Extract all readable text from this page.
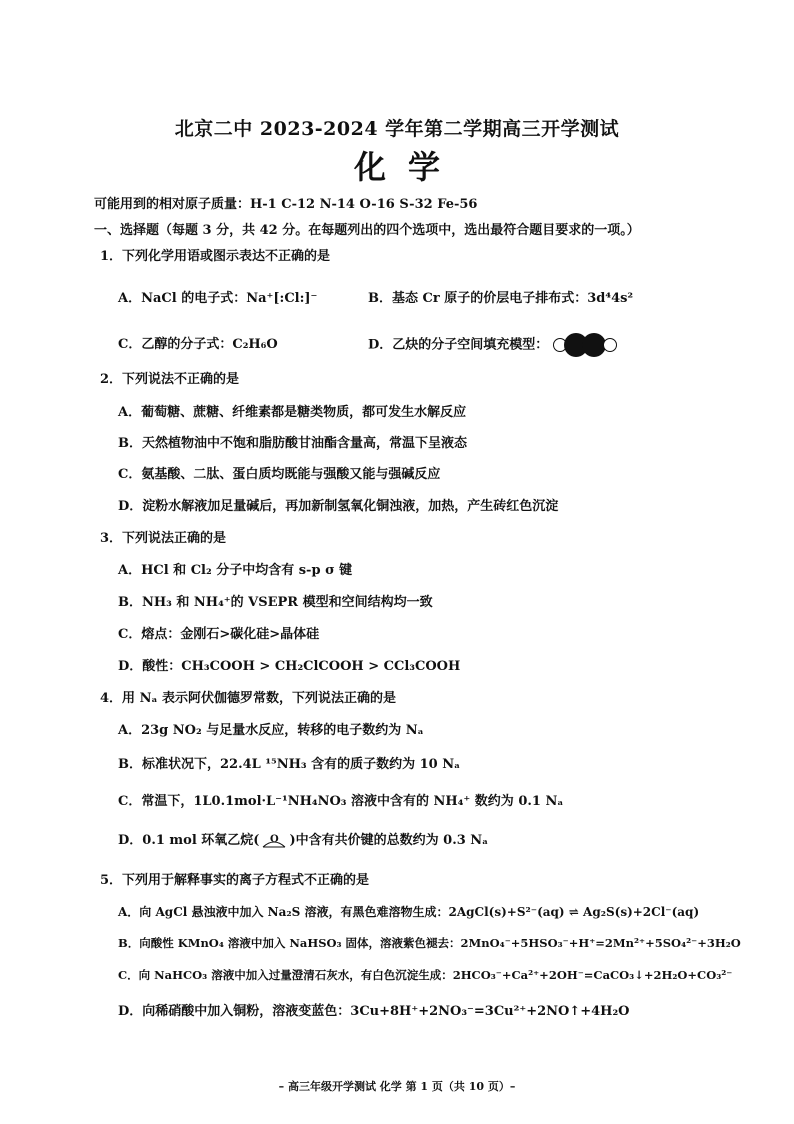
北京二中 2023-2024 学年第二学期高三开学测试
化学
可能用到的相对原子质量：H-1 C-12 N-14 O-16 S-32 Fe-56
一、选择题（每题 3 分，共 42 分。在每题列出的四个选项中，选出最符合题目要求的一项。）
1．下列化学用语或图示表达不正确的是
A．NaCl 的电子式：Na⁺[:Cl:]⁻	B．基态 Cr 原子的价层电子排布式：3d⁴4s²
C．乙醇的分子式：C₂H₆O	D．乙炔的分子空间填充模型：
2．下列说法不正确的是
A．葡萄糖、蔗糖、纤维素都是糖类物质，都可发生水解反应
B．天然植物油中不饱和脂肪酸甘油酯含量高，常温下呈液态
C．氨基酸、二肽、蛋白质均既能与强酸又能与强碱反应
D．淀粉水解液加足量碱后，再加新制氢氧化铜浊液，加热，产生砖红色沉淀
3．下列说法正确的是
A．HCl 和 Cl₂ 分子中均含有 s-p σ 键
B．NH₃ 和 NH₄⁺的 VSEPR 模型和空间结构均一致
C．熔点：金刚石>碳化硅>晶体硅
D．酸性：CH₃COOH > CH₂ClCOOH > CCl₃COOH
4．用 Nₐ 表示阿伏伽德罗常数，下列说法正确的是
A．23g NO₂ 与足量水反应，转移的电子数约为 Nₐ
B．标准状况下，22.4L ¹⁵NH₃ 含有的质子数约为 10 Nₐ
C．常温下，1L0.1mol·L⁻¹NH₄NO₃ 溶液中含有的 NH₄⁺ 数约为 0.1 Nₐ
D．0.1 mol 环氧乙烷( O )中含有共价键的总数约为 0.3 Nₐ
5．下列用于解释事实的离子方程式不正确的是
A．向 AgCl 悬浊液中加入 Na₂S 溶液，有黑色难溶物生成：2AgCl(s)+S²⁻(aq) ⇌ Ag₂S(s)+2Cl⁻(aq)
B．向酸性 KMnO₄ 溶液中加入 NaHSO₃ 固体，溶液紫色褪去：2MnO₄⁻+5HSO₃⁻+H⁺=2Mn²⁺+5SO₄²⁻+3H₂O
C．向 NaHCO₃ 溶液中加入过量澄清石灰水，有白色沉淀生成：2HCO₃⁻+Ca²⁺+2OH⁻=CaCO₃↓+2H₂O+CO₃²⁻
D．向稀硝酸中加入铜粉，溶液变蓝色：3Cu+8H⁺+2NO₃⁻=3Cu²⁺+2NO↑+4H₂O
– 高三年级开学测试 化学 第 1 页（共 10 页）–
